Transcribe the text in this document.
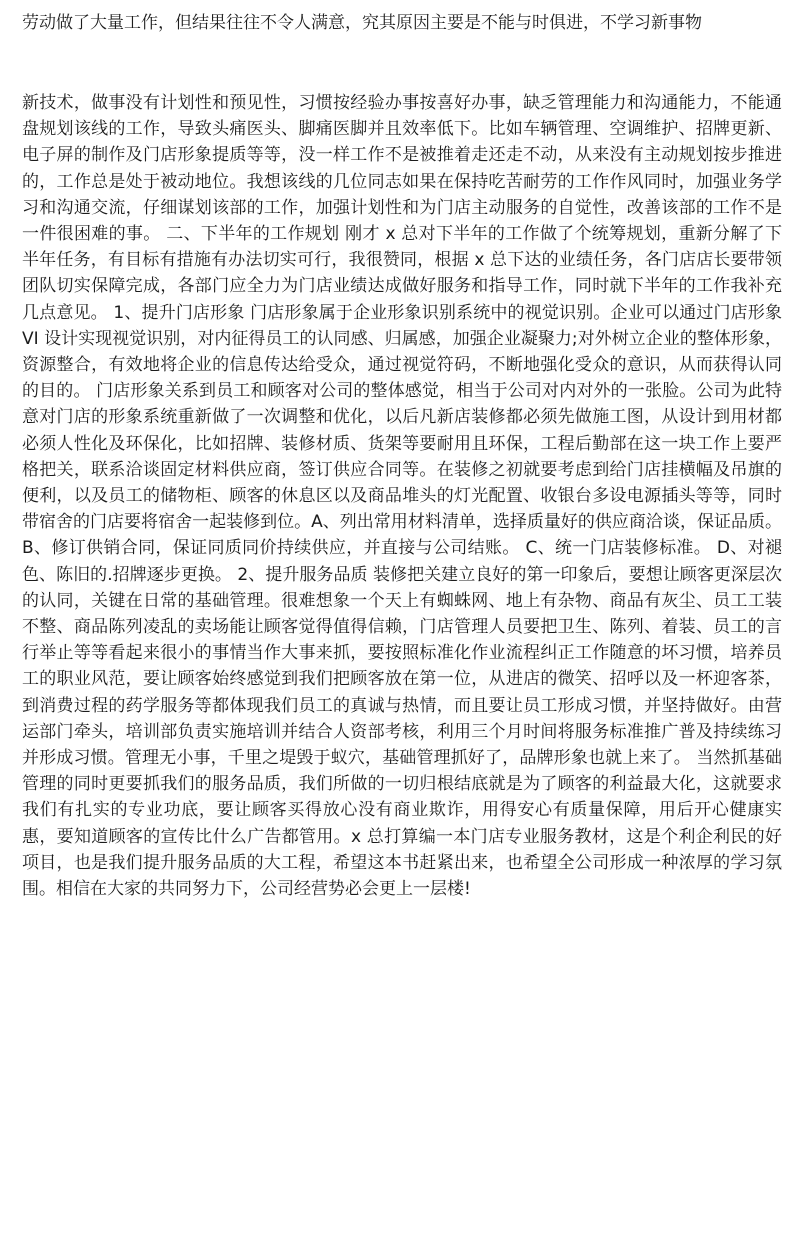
劳动做了大量工作，但结果往往不令人满意，究其原因主要是不能与时俱进，不学习新事物

新技术，做事没有计划性和预见性，习惯按经验办事按喜好办事，缺乏管理能力和沟通能力，不能通盘规划该线的工作，导致头痛医头、脚痛医脚并且效率低下。比如车辆管理、空调维护、招牌更新、电子屏的制作及门店形象提质等等，没一样工作不是被推着走还走不动，从来没有主动规划按步推进的，工作总是处于被动地位。我想该线的几位同志如果在保持吃苦耐劳的工作作风同时，加强业务学习和沟通交流，仔细谋划该部的工作，加强计划性和为门店主动服务的自觉性，改善该部的工作不是一件很困难的事。 二、下半年的工作规划 刚才 x 总对下半年的工作做了个统筹规划，重新分解了下半年任务，有目标有措施有办法切实可行，我很赞同，根据 x 总下达的业绩任务，各门店店长要带领团队切实保障完成，各部门应全力为门店业绩达成做好服务和指导工作，同时就下半年的工作我补充几点意见。 1、提升门店形象 门店形象属于企业形象识别系统中的视觉识别。企业可以通过门店形象 VI 设计实现视觉识别，对内征得员工的认同感、归属感，加强企业凝聚力;对外树立企业的整体形象，资源整合，有效地将企业的信息传达给受众，通过视觉符码，不断地强化受众的意识，从而获得认同的目的。 门店形象关系到员工和顾客对公司的整体感觉，相当于公司对内对外的一张脸。公司为此特意对门店的形象系统重新做了一次调整和优化，以后凡新店装修都必须先做施工图，从设计到用材都必须人性化及环保化，比如招牌、装修材质、货架等要耐用且环保，工程后勤部在这一块工作上要严格把关，联系洽谈固定材料供应商，签订供应合同等。在装修之初就要考虑到给门店挂横幅及吊旗的便利，以及员工的储物柜、顾客的休息区以及商品堆头的灯光配置、收银台多设电源插头等等，同时带宿舍的门店要将宿舍一起装修到位。A、列出常用材料清单，选择质量好的供应商洽谈，保证品质。 B、修订供销合同，保证同质同价持续供应，并直接与公司结账。 C、统一门店装修标准。 D、对褪色、陈旧的.招牌逐步更换。 2、提升服务品质 装修把关建立良好的第一印象后，要想让顾客更深层次的认同，关键在日常的基础管理。很难想象一个天上有蜘蛛网、地上有杂物、商品有灰尘、员工工装不整、商品陈列凌乱的卖场能让顾客觉得值得信赖，门店管理人员要把卫生、陈列、着装、员工的言行举止等等看起来很小的事情当作大事来抓，要按照标准化作业流程纠正工作随意的坏习惯，培养员工的职业风范，要让顾客始终感觉到我们把顾客放在第一位，从进店的微笑、招呼以及一杯迎客茶，到消费过程的药学服务等都体现我们员工的真诚与热情，而且要让员工形成习惯，并坚持做好。由营运部门牵头，培训部负责实施培训并结合人资部考核，利用三个月时间将服务标准推广普及持续练习并形成习惯。管理无小事，千里之堤毁于蚁穴，基础管理抓好了，品牌形象也就上来了。 当然抓基础管理的同时更要抓我们的服务品质，我们所做的一切归根结底就是为了顾客的利益最大化，这就要求我们有扎实的专业功底，要让顾客买得放心没有商业欺诈，用得安心有质量保障，用后开心健康实惠，要知道顾客的宣传比什么广告都管用。x 总打算编一本门店专业服务教材，这是个利企利民的好项目，也是我们提升服务品质的大工程，希望这本书赶紧出来，也希望全公司形成一种浓厚的学习氛围。相信在大家的共同努力下，公司经营势必会更上一层楼!
